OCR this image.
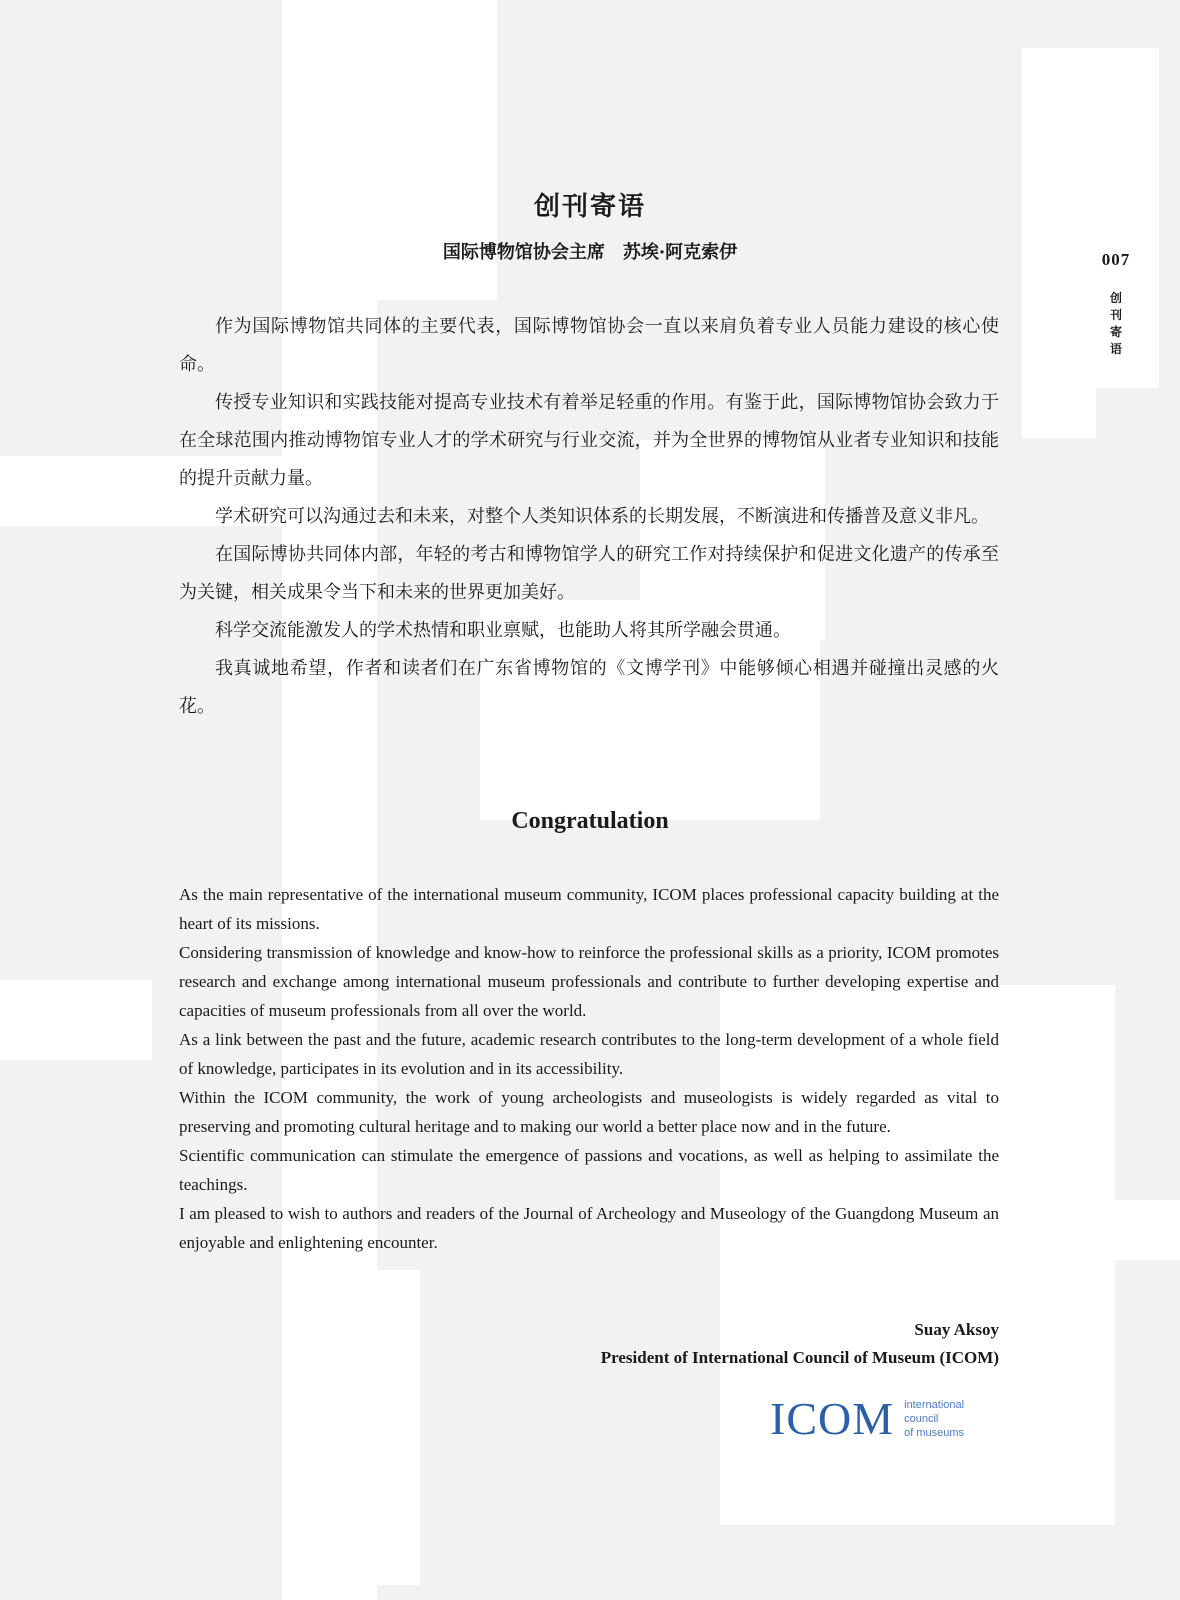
007
创刊寄语
创刊寄语
国际博物馆协会主席　苏埃·阿克索伊

作为国际博物馆共同体的主要代表，国际博物馆协会一直以来肩负着专业人员能力建设的核心使命。

传授专业知识和实践技能对提高专业技术有着举足轻重的作用。有鉴于此，国际博物馆协会致力于在全球范围内推动博物馆专业人才的学术研究与行业交流，并为全世界的博物馆从业者专业知识和技能的提升贡献力量。

学术研究可以沟通过去和未来，对整个人类知识体系的长期发展，不断演进和传播普及意义非凡。

在国际博协共同体内部，年轻的考古和博物馆学人的研究工作对持续保护和促进文化遗产的传承至为关键，相关成果令当下和未来的世界更加美好。

科学交流能激发人的学术热情和职业禀赋，也能助人将其所学融会贯通。

我真诚地希望，作者和读者们在广东省博物馆的《文博学刊》中能够倾心相遇并碰撞出灵感的火花。

Congratulation

As the main representative of the international museum community, ICOM places professional capacity building at the heart of its missions.

Considering transmission of knowledge and know-how to reinforce the professional skills as a priority, ICOM promotes research and exchange among international museum professionals and contribute to further developing expertise and capacities of museum professionals from all over the world.

As a link between the past and the future, academic research contributes to the long-term development of a whole field of knowledge, participates in its evolution and in its accessibility.

Within the ICOM community, the work of young archeologists and museologists is widely regarded as vital to preserving and promoting cultural heritage and to making our world a better place now and in the future.

Scientific communication can stimulate the emergence of passions and vocations, as well as helping to assimilate the teachings.

I am pleased to wish to authors and readers of the Journal of Archeology and Museology of the Guangdong Museum an enjoyable and enlightening encounter.

Suay Aksoy
President of International Council of Museum (ICOM)
ICOM international
council
of museums
